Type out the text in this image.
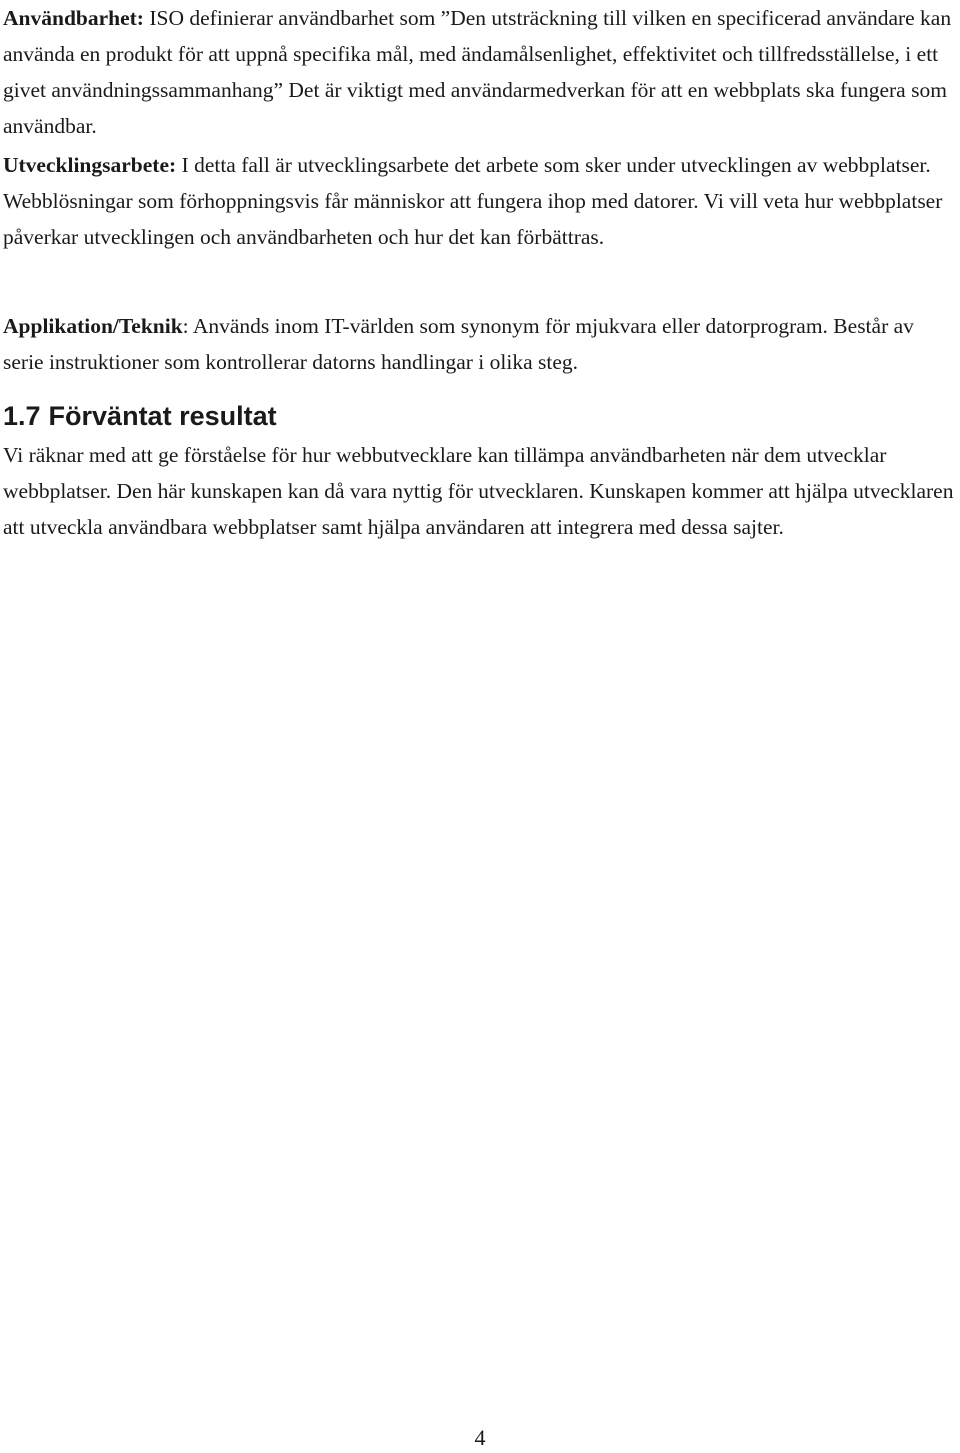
Användbarhet: ISO definierar användbarhet som ”Den utsträckning till vilken en specificerad användare kan använda en produkt för att uppnå specifika mål, med ändamålsenlighet, effektivitet och tillfredsställelse, i ett givet användningssammanhang” Det är viktigt med användarmedverkan för att en webbplats ska fungera som användbar.

Utvecklingsarbete: I detta fall är utvecklingsarbete det arbete som sker under utvecklingen av webbplatser. Webblösningar som förhoppningsvis får människor att fungera ihop med datorer. Vi vill veta hur webbplatser påverkar utvecklingen och användbarheten och hur det kan förbättras.

Applikation/Teknik: Används inom IT-världen som synonym för mjukvara eller datorprogram. Består av serie instruktioner som kontrollerar datorns handlingar i olika steg.

1.7 Förväntat resultat

Vi räknar med att ge förståelse för hur webbutvecklare kan tillämpa användbarheten när dem utvecklar webbplatser. Den här kunskapen kan då vara nyttig för utvecklaren. Kunskapen kommer att hjälpa utvecklaren att utveckla användbara webbplatser samt hjälpa användaren att integrera med dessa sajter.

4
